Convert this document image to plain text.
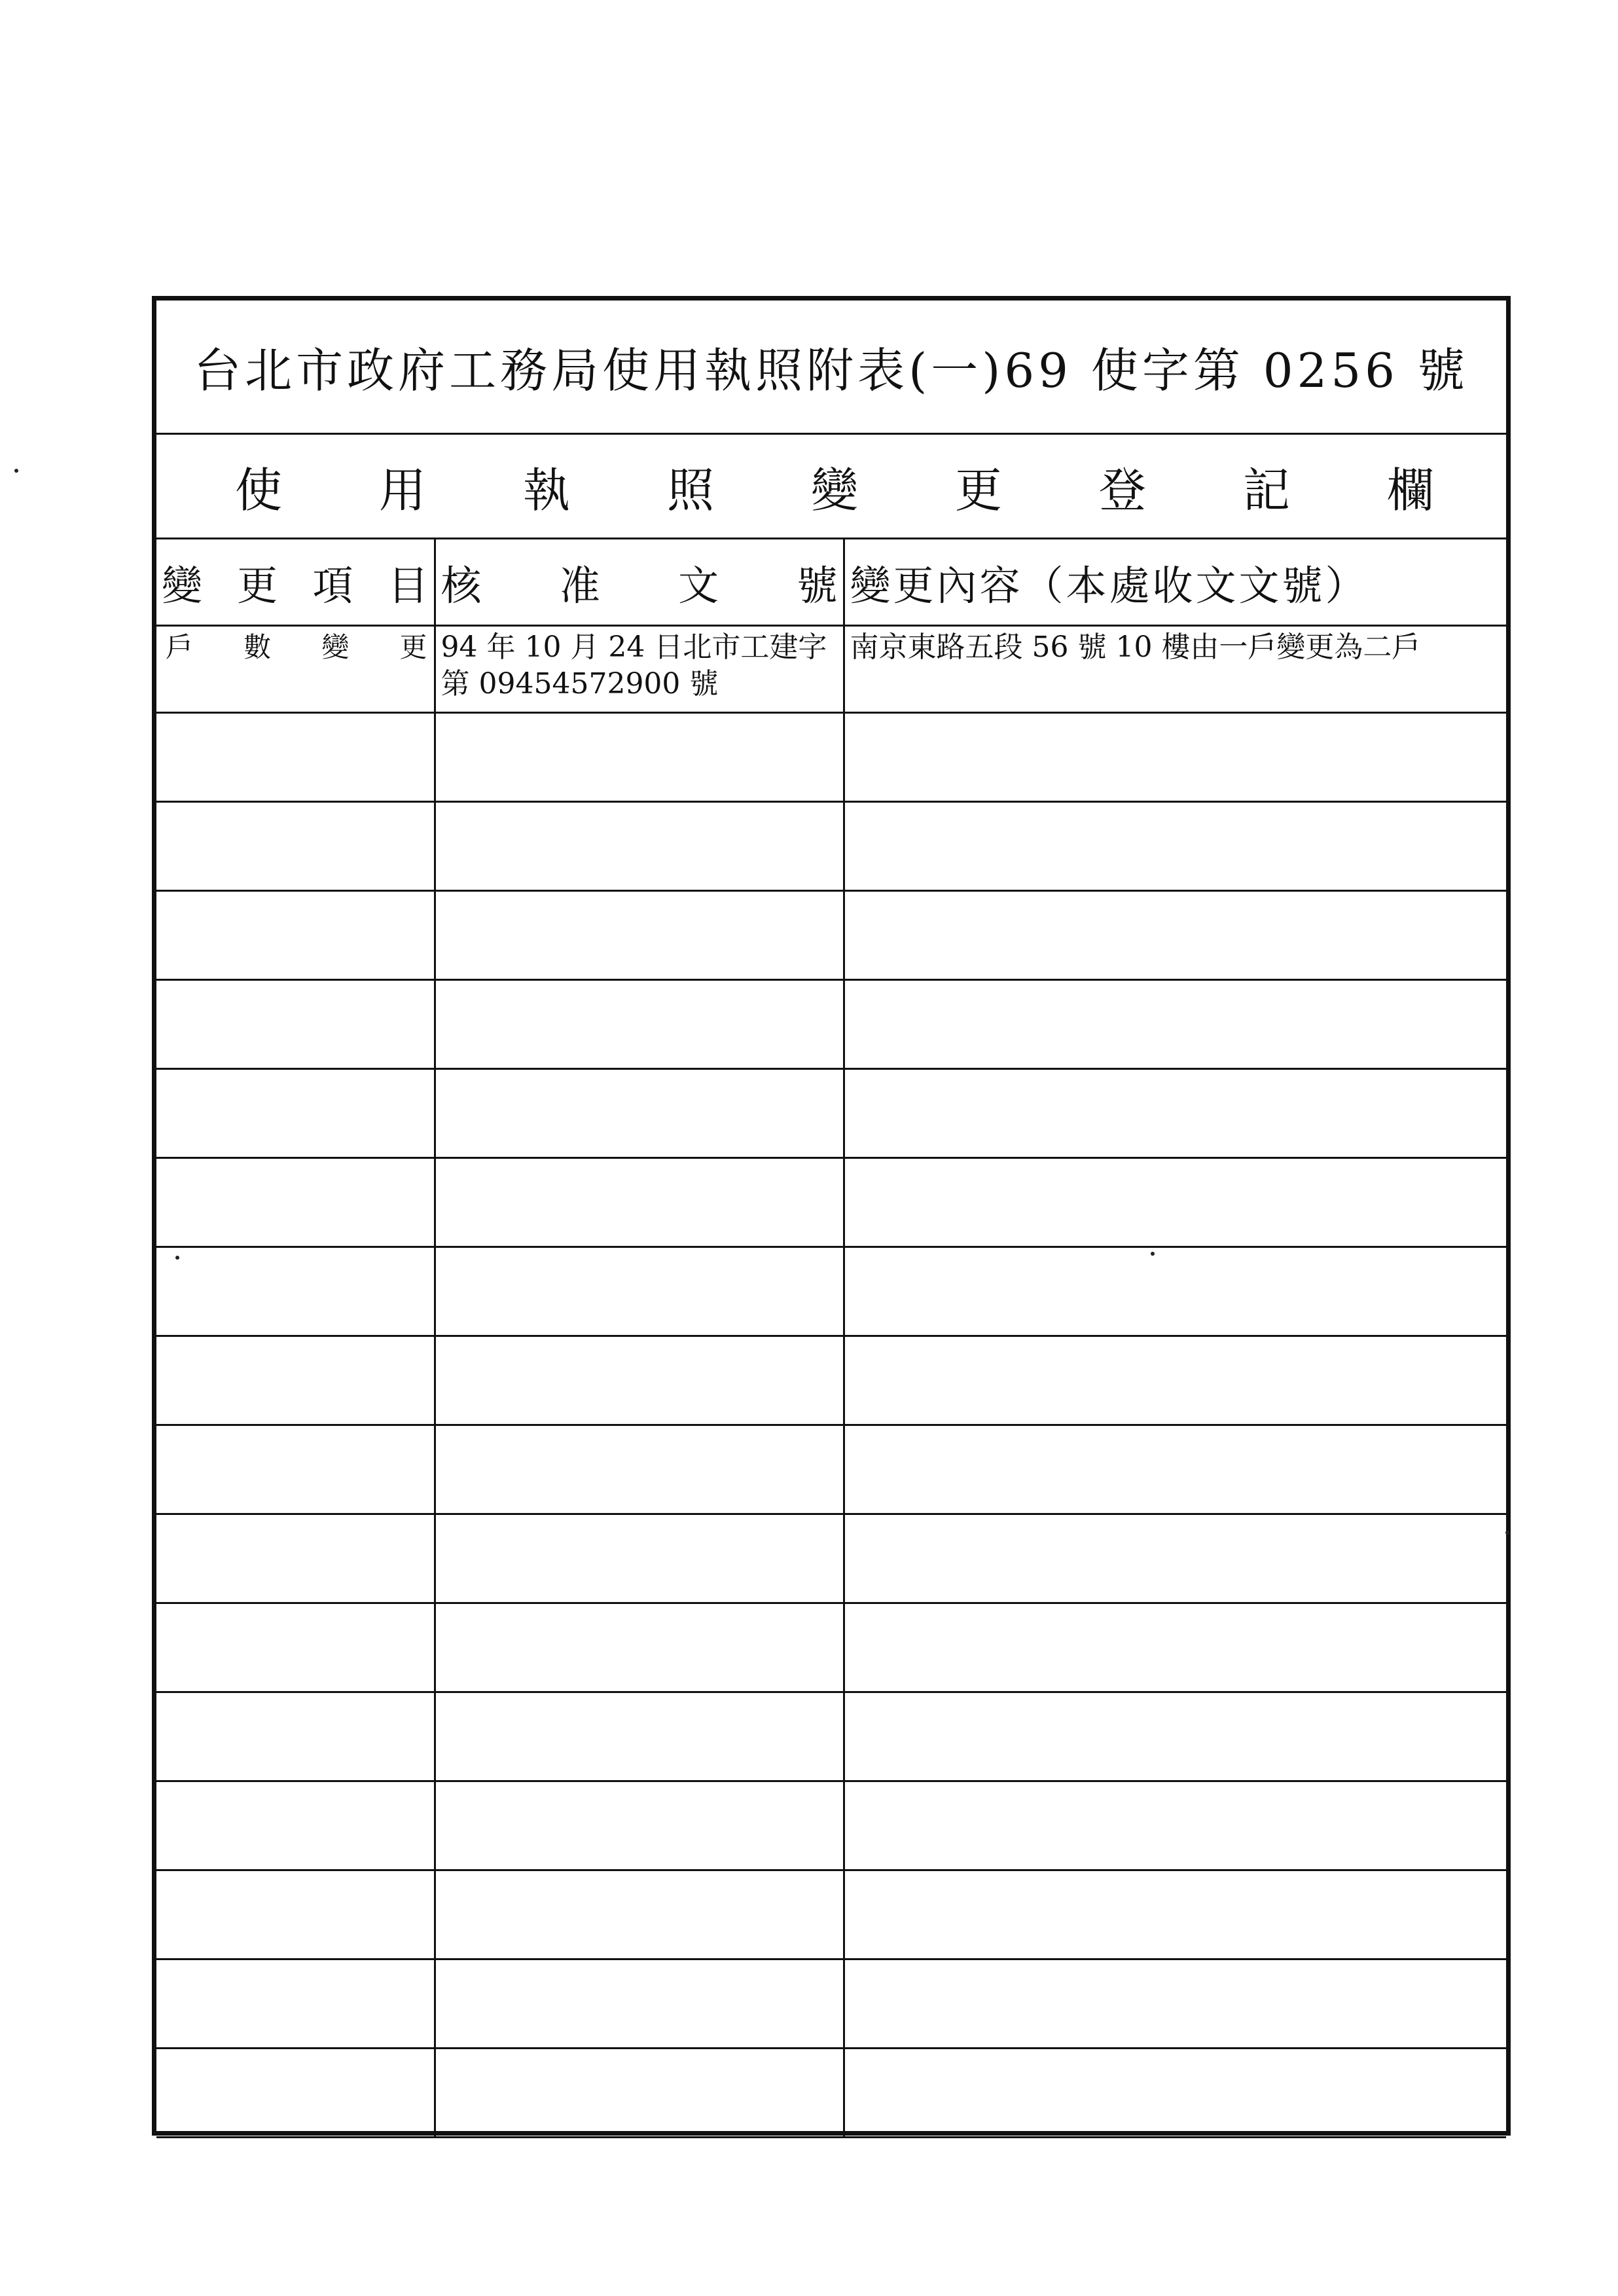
台北市政府工務局使用執照附表(一)69 使字第 0256 號
使 用 執 照 變 更 登 記 欄
變 更 項 目	核 准 文 號	變更內容（本處收文文號）

戶 數 變 更	94 年 10 月 24 日北市工建字第 09454572900 號	南京東路五段 56 號 10 樓由一戶變更為二戶
